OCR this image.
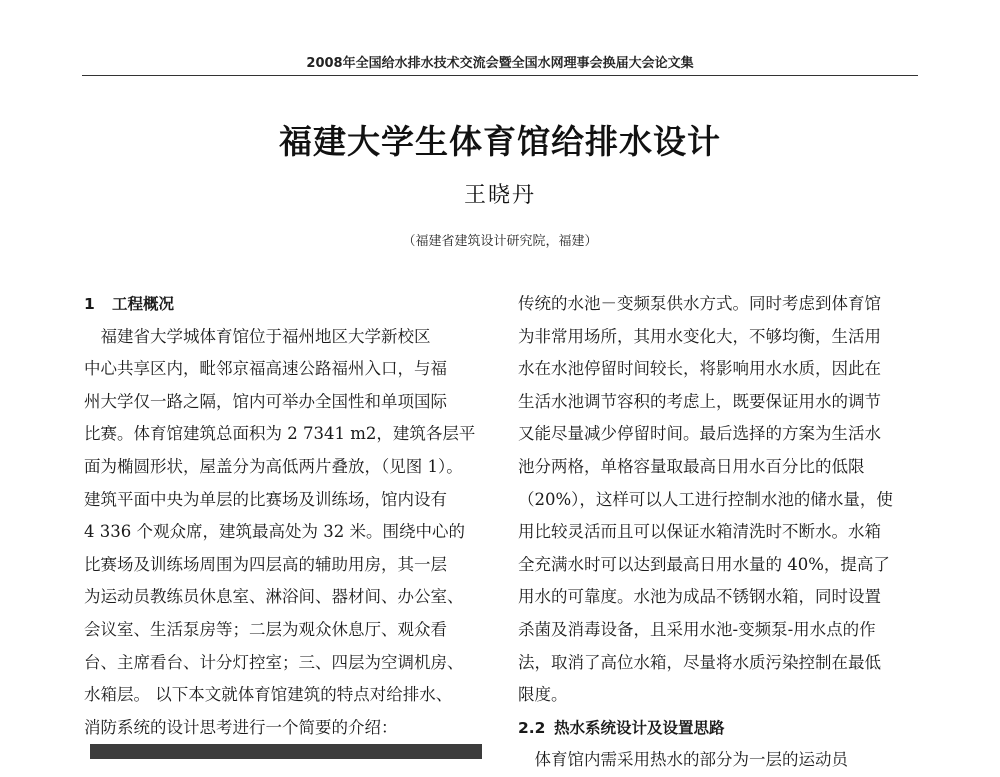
2008年全国给水排水技术交流会暨全国水网理事会换届大会论文集
福建大学生体育馆给排水设计
王晓丹
（福建省建筑设计研究院，福建）
1 工程概况
　福建省大学城体育馆位于福州地区大学新校区
中心共享区内，毗邻京福高速公路福州入口，与福
州大学仅一路之隔，馆内可举办全国性和单项国际
比赛。体育馆建筑总面积为 2 7341 m2，建筑各层平
面为椭圆形状，屋盖分为高低两片叠放，（见图 1）。
建筑平面中央为单层的比赛场及训练场，馆内设有
4 336 个观众席，建筑最高处为 32 米。围绕中心的
比赛场及训练场周围为四层高的辅助用房，其一层
为运动员教练员休息室、淋浴间、器材间、办公室、
会议室、生活泵房等；二层为观众休息厅、观众看
台、主席看台、计分灯控室；三、四层为空调机房、
水箱层。 以下本文就体育馆建筑的特点对给排水、
消防系统的设计思考进行一个简要的介绍：
传统的水池－变频泵供水方式。同时考虑到体育馆
为非常用场所，其用水变化大，不够均衡，生活用
水在水池停留时间较长，将影响用水水质，因此在
生活水池调节容积的考虑上，既要保证用水的调节
又能尽量减少停留时间。最后选择的方案为生活水
池分两格，单格容量取最高日用水百分比的低限
（20%），这样可以人工进行控制水池的储水量，使
用比较灵活而且可以保证水箱清洗时不断水。水箱
全充满水时可以达到最高日用水量的 40%，提高了
用水的可靠度。水池为成品不锈钢水箱，同时设置
杀菌及消毒设备，且采用水池-变频泵-用水点的作
法，取消了高位水箱，尽量将水质污染控制在最低
限度。
2.2 热水系统设计及设置思路
　体育馆内需采用热水的部分为一层的运动员
